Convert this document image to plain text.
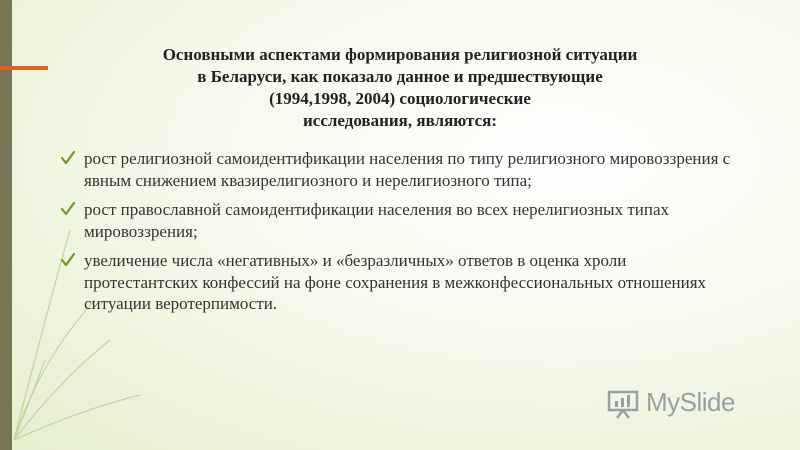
Основными аспектами формирования религиозной ситуации
в Беларуси, как показало данное и предшествующие
(1994,1998, 2004) социологические
исследования, являются:
рост религиозной самоидентификации населения по типу религиозного мировоззрения с явным снижением квазирелигиозного и нерелигиозного типа;
рост православной самоидентификации населения во всех нерелигиозных типах мировоззрения;
увеличение числа «негативных» и «безразличных» ответов в оценка хроли протестантских конфессий на фоне сохранения в межконфессиональных отношениях ситуации веротерпимости.
MySlide
